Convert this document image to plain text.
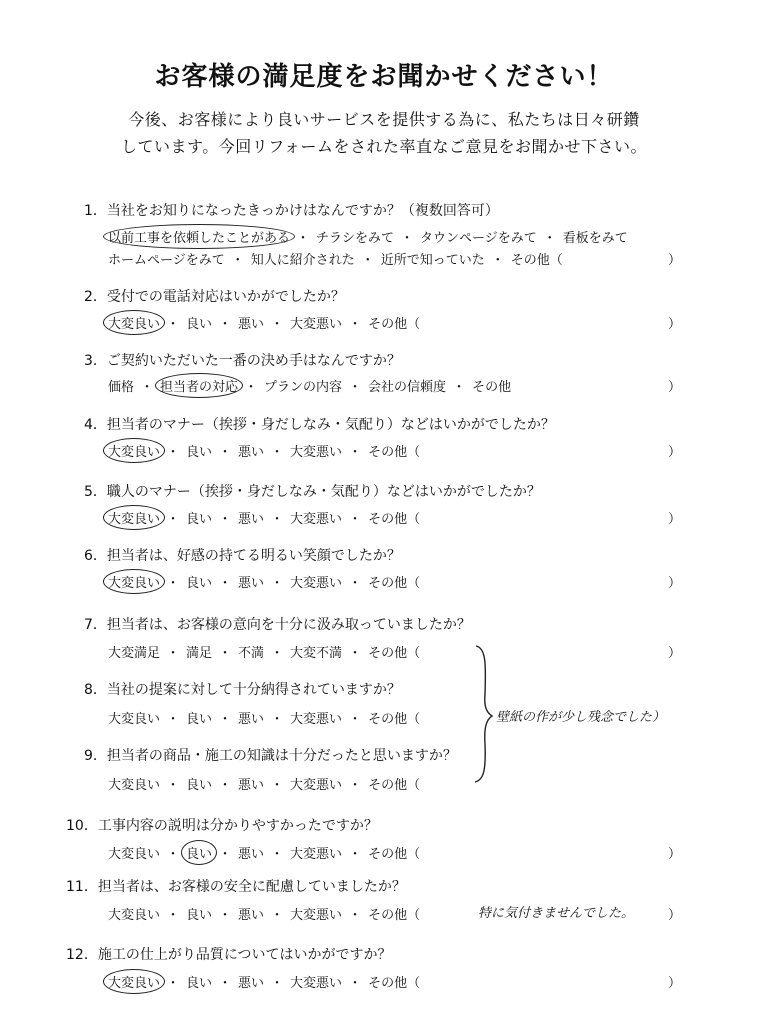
お客様の満足度をお聞かせください！

今後、お客様により良いサービスを提供する為に、私たちは日々研鑽

しています。今回リフォームをされた率直なご意見をお聞かせ下さい。

1．当社をお知りになったきっかけはなんですか？（複数回答可）
以前工事を依頼したことがある ・ チラシをみて ・ タウンページをみて ・ 看板をみて
ホームページをみて ・ 知人に紹介された ・ 近所で知っていた ・ その他（	）
2．受付での電話対応はいかがでしたか？
大変良い ・ 良い ・ 悪い ・ 大変悪い ・ その他（	）
3．ご契約いただいた一番の決め手はなんですか？
価格 ・ 担当者の対応 ・ プランの内容 ・ 会社の信頼度 ・ その他	）
4．担当者のマナー（挨拶・身だしなみ・気配り）などはいかがでしたか？
大変良い ・ 良い ・ 悪い ・ 大変悪い ・ その他（	）
5．職人のマナー（挨拶・身だしなみ・気配り）などはいかがでしたか？
大変良い ・ 良い ・ 悪い ・ 大変悪い ・ その他（	）
6．担当者は、好感の持てる明るい笑顔でしたか？
大変良い ・ 良い ・ 悪い ・ 大変悪い ・ その他（	）
7．担当者は、お客様の意向を十分に汲み取っていましたか？
大変満足 ・ 満足 ・ 不満 ・ 大変不満 ・ その他（	）
8．当社の提案に対して十分納得されていますか？
大変良い ・ 良い ・ 悪い ・ 大変悪い ・ その他（
9．担当者の商品・施工の知識は十分だったと思いますか？
大変良い ・ 良い ・ 悪い ・ 大変悪い ・ その他（
壁紙の作が少し残念でした）
10．工事内容の説明は分かりやすかったですか？
大変良い ・ 良い ・ 悪い ・ 大変悪い ・ その他（	）
11．担当者は、お客様の安全に配慮していましたか？
大変良い ・ 良い ・ 悪い ・ 大変悪い ・ その他（	特に気付きませんでした。	）
12．施工の仕上がり品質についてはいかがですか？
大変良い ・ 良い ・ 悪い ・ 大変悪い ・ その他（	）
